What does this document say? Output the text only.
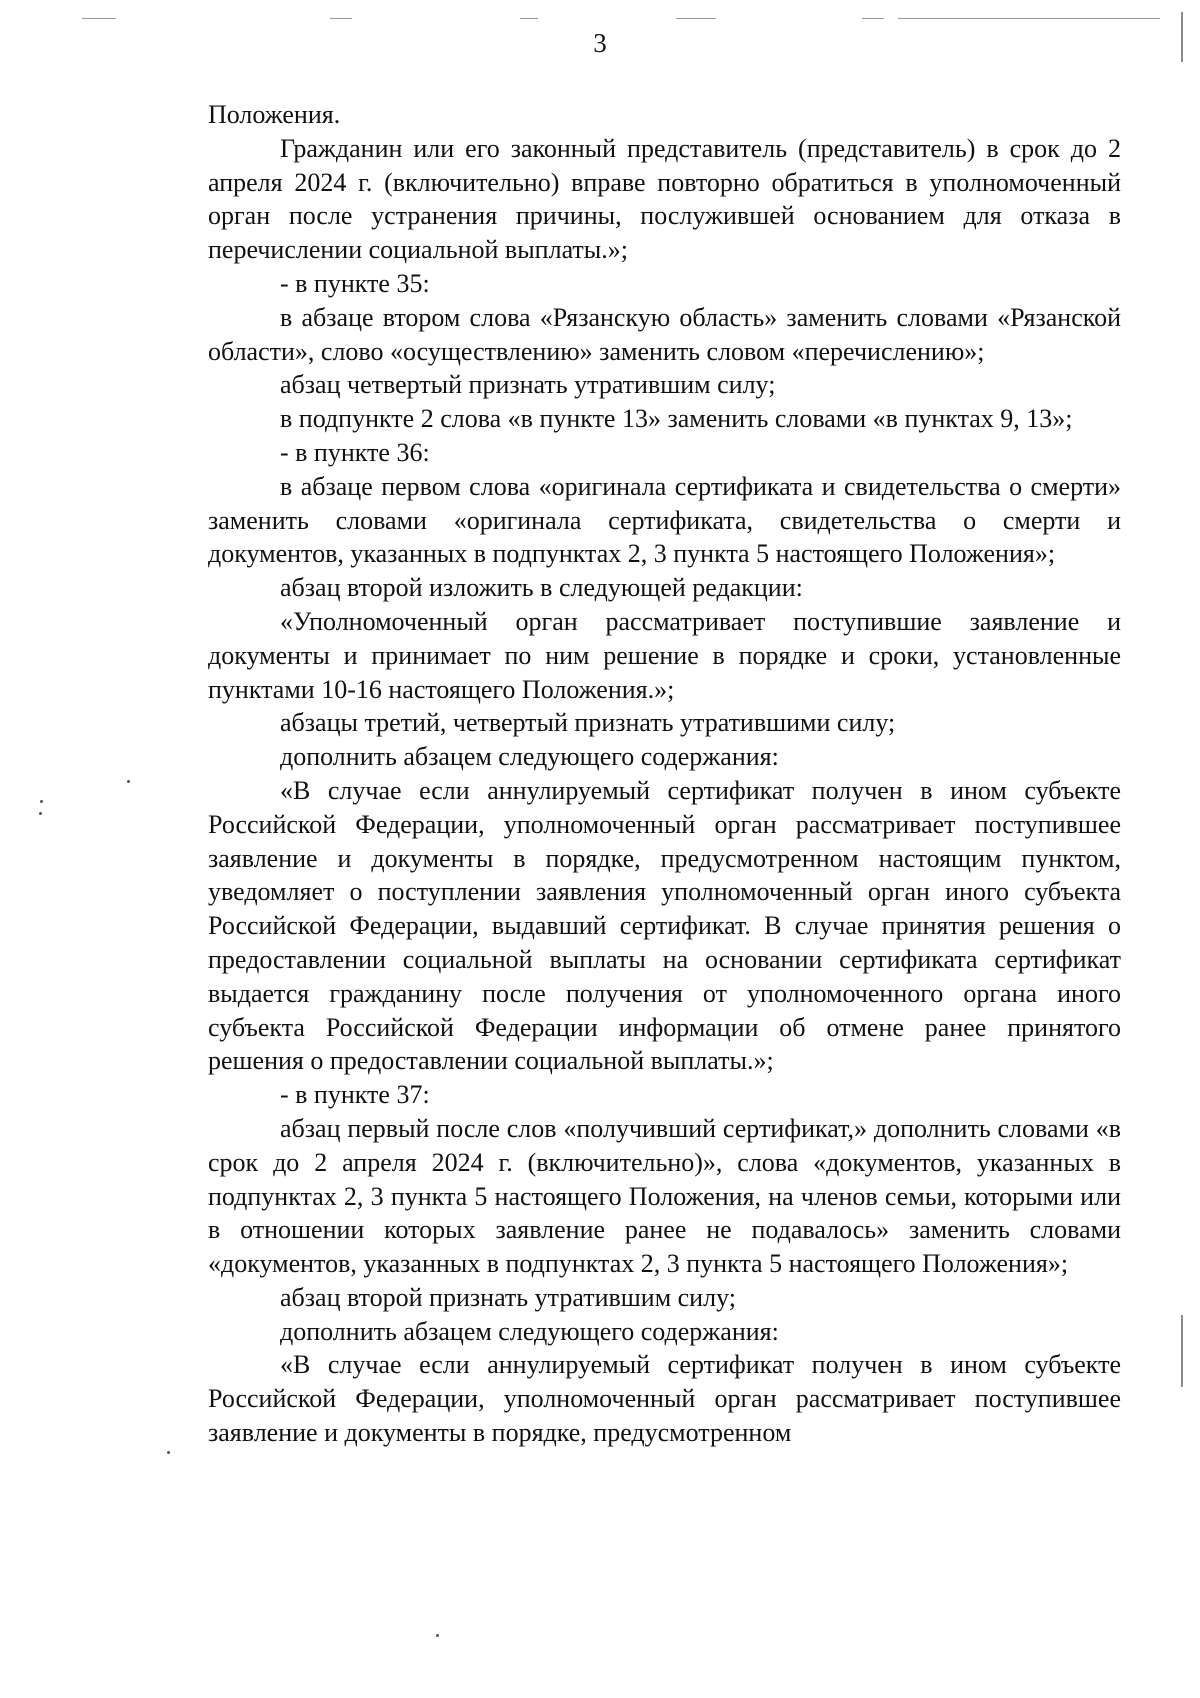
3

Положения.

Гражданин или его законный представитель (представитель) в срок до 2 апреля 2024 г. (включительно) вправе повторно обратиться в уполномоченный орган после устранения причины, послужившей основанием для отказа в перечислении социальной выплаты.»;

- в пункте 35:

в абзаце втором слова «Рязанскую область» заменить словами «Рязанской области», слово «осуществлению» заменить словом «перечислению»;

абзац четвертый признать утратившим силу;

в подпункте 2 слова «в пункте 13» заменить словами «в пунктах 9, 13»;

- в пункте 36:

в абзаце первом слова «оригинала сертификата и свидетельства о смерти» заменить словами «оригинала сертификата, свидетельства о смерти и документов, указанных в подпунктах 2, 3 пункта 5 настоящего Положения»;

абзац второй изложить в следующей редакции:

«Уполномоченный орган рассматривает поступившие заявление и документы и принимает по ним решение в порядке и сроки, установленные пунктами 10-16 настоящего Положения.»;

абзацы третий, четвертый признать утратившими силу;

дополнить абзацем следующего содержания:

«В случае если аннулируемый сертификат получен в ином субъекте Российской Федерации, уполномоченный орган рассматривает поступившее заявление и документы в порядке, предусмотренном настоящим пунктом, уведомляет о поступлении заявления уполномоченный орган иного субъекта Российской Федерации, выдавший сертификат. В случае принятия решения о предоставлении социальной выплаты на основании сертификата сертификат выдается гражданину после получения от уполномоченного органа иного субъекта Российской Федерации информации об отмене ранее принятого решения о предоставлении социальной выплаты.»;

- в пункте 37:

абзац первый после слов «получивший сертификат,» дополнить словами «в срок до 2 апреля 2024 г. (включительно)», слова «документов, указанных в подпунктах 2, 3 пункта 5 настоящего Положения, на членов семьи, которыми или в отношении которых заявление ранее не подавалось» заменить словами «документов, указанных в подпунктах 2, 3 пункта 5 настоящего Положения»;

абзац второй признать утратившим силу;

дополнить абзацем следующего содержания:

«В случае если аннулируемый сертификат получен в ином субъекте Российской Федерации, уполномоченный орган рассматривает поступившее заявление и документы в порядке, предусмотренном
